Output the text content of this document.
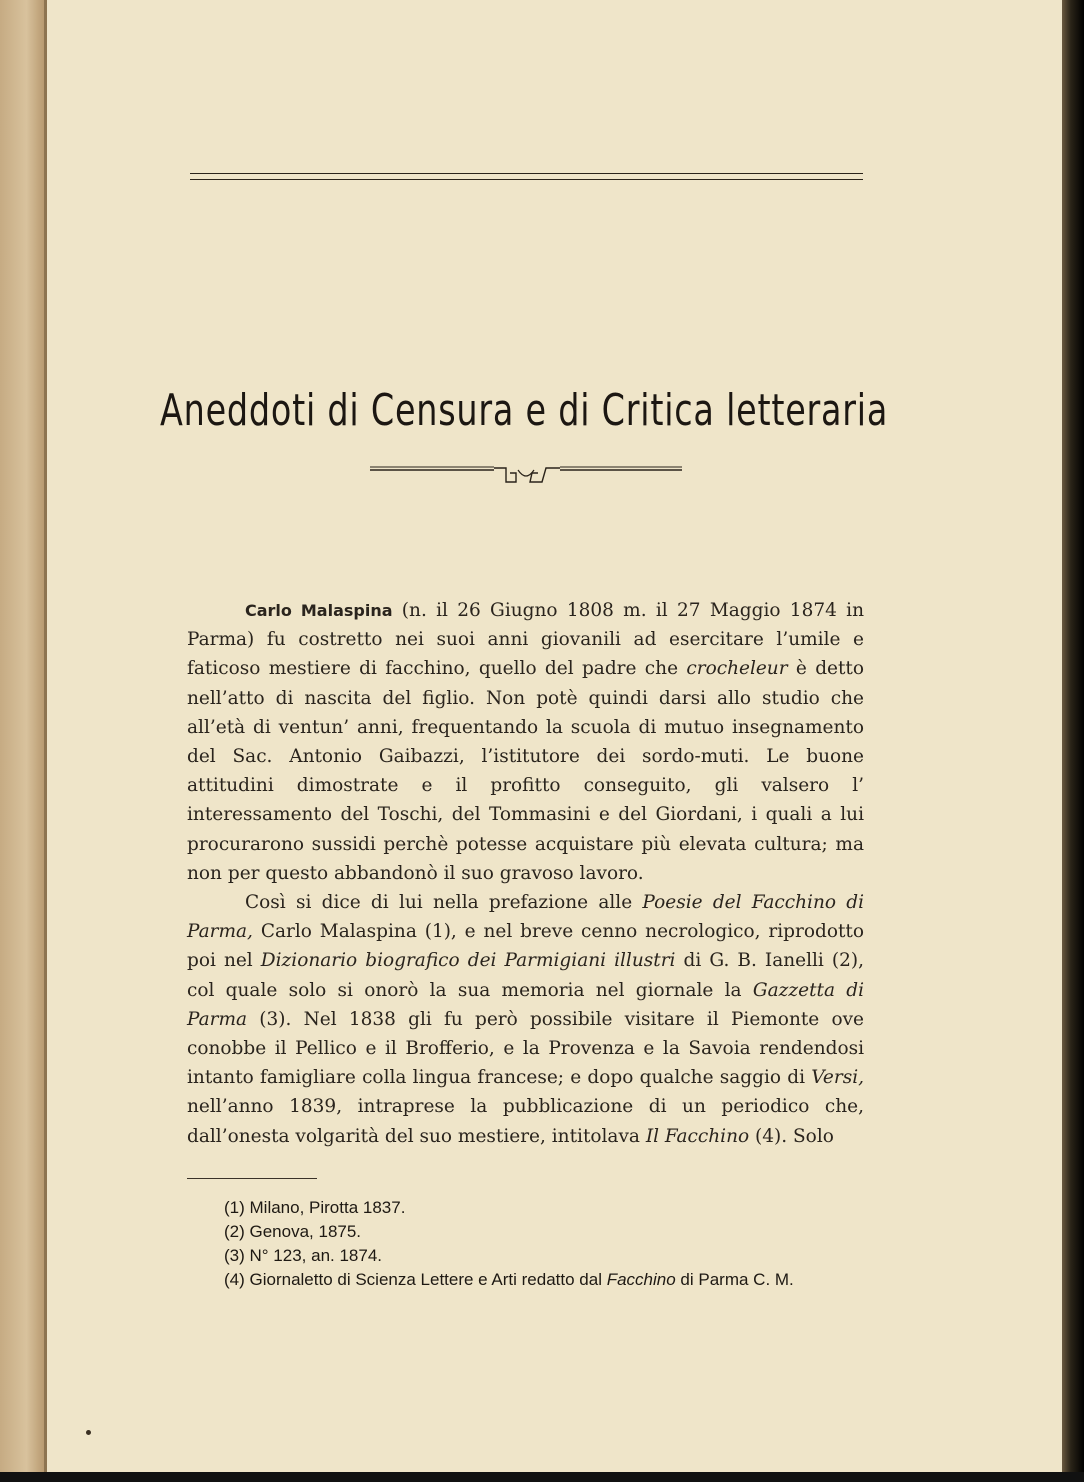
Aneddoti di Censura e di Critica letteraria

Carlo Malaspina (n. il 26 Giugno 1808 m. il 27 Maggio 1874 in Parma) fu costretto nei suoi anni giovanili ad esercitare l’umile e faticoso mestiere di facchino, quello del padre che crocheleur è detto nell’atto di nascita del figlio. Non potè quindi darsi allo studio che all’età di ventun’ anni, frequentando la scuola di mutuo insegnamento del Sac. Antonio Gaibazzi, l’istitutore dei sordo-muti. Le buone attitudini dimostrate e il profitto conseguito, gli valsero l’ interessamento del Toschi, del Tommasini e del Giordani, i quali a lui procurarono sussidi perchè potesse acquistare più elevata cultura; ma non per questo abbandonò il suo gravoso lavoro.

Così si dice di lui nella prefazione alle Poesie del Facchino di Parma, Carlo Malaspina (1), e nel breve cenno necrologico, riprodotto poi nel Dizionario biografico dei Parmigiani illustri di G. B. Ianelli (2), col quale solo si onorò la sua memoria nel giornale la Gazzetta di Parma (3). Nel 1838 gli fu però possibile visitare il Piemonte ove conobbe il Pellico e il Brofferio, e la Provenza e la Savoia rendendosi intanto famigliare colla lingua francese; e dopo qualche saggio di Versi, nell’anno 1839, intraprese la pubblicazione di un periodico che, dall’onesta volgarità del suo mestiere, intitolava Il Facchino (4). Solo

(1) Milano, Pirotta 1837.
(2) Genova, 1875.
(3) N° 123, an. 1874.
(4) Giornaletto di Scienza Lettere e Arti redatto dal Facchino di Parma C. M.
